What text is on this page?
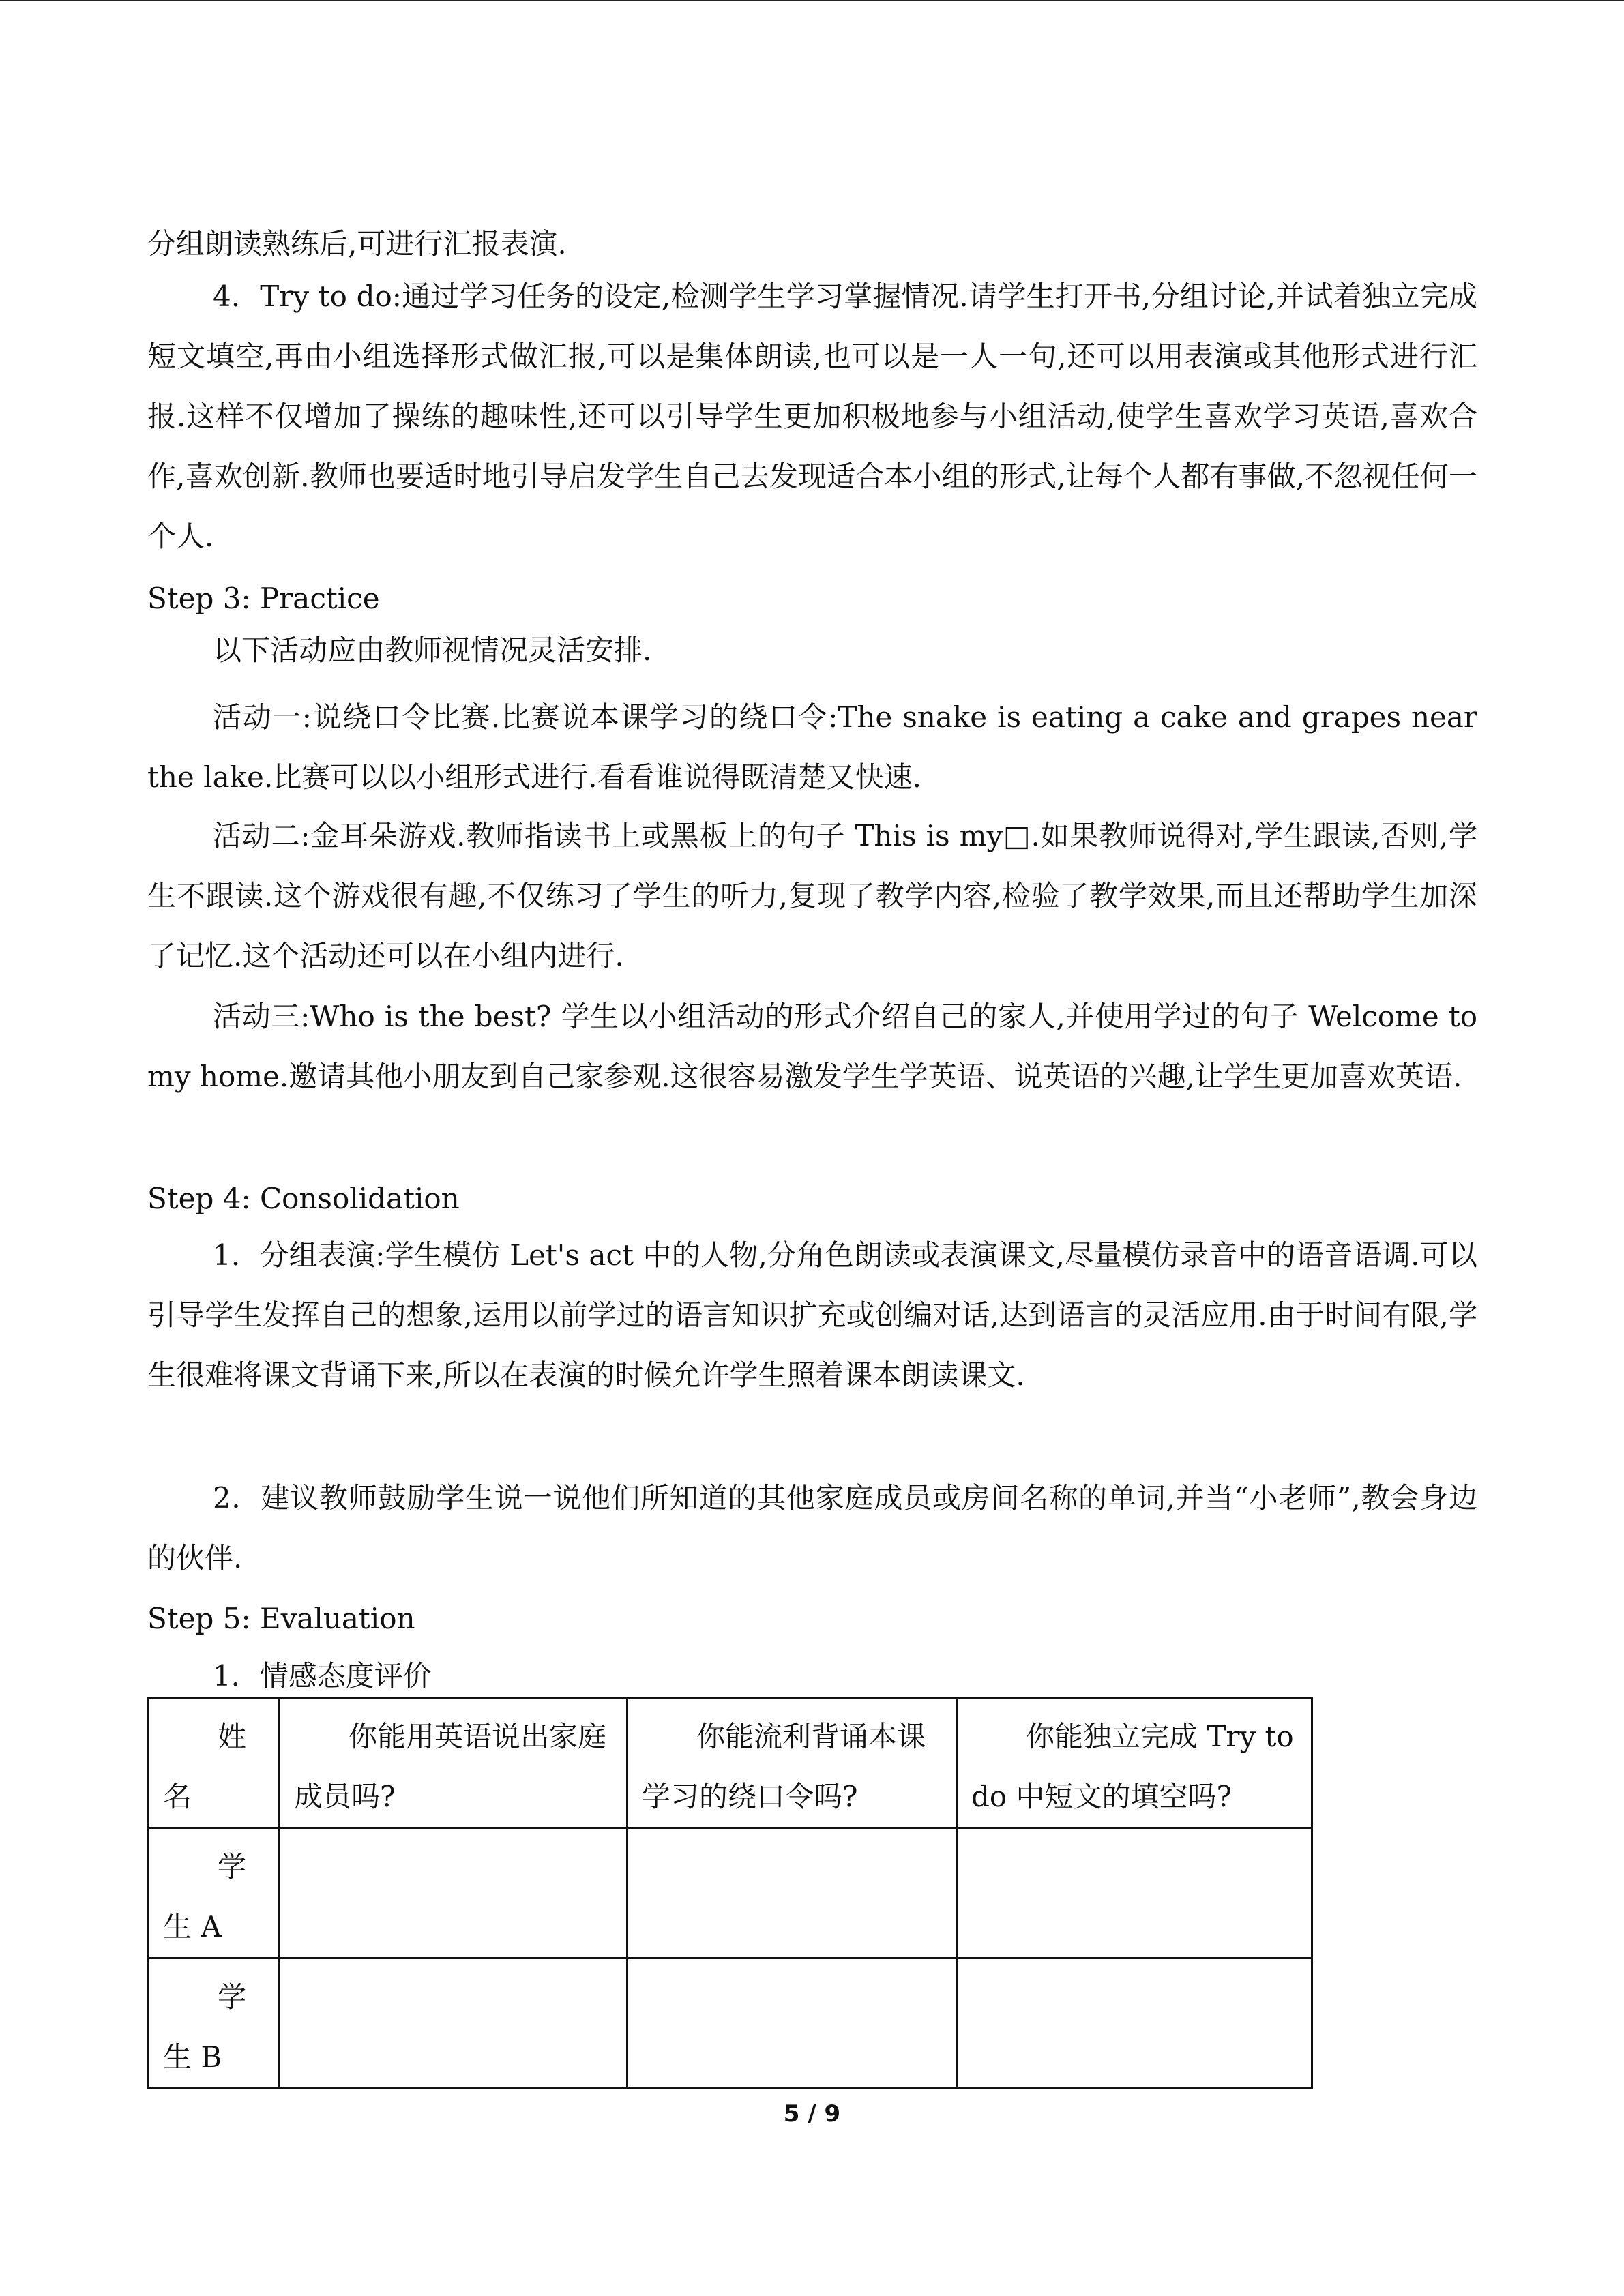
分组朗读熟练后,可进行汇报表演.

4．Try to do:通过学习任务的设定,检测学生学习掌握情况.请学生打开书,分组讨论,并试着独立完成短文填空,再由小组选择形式做汇报,可以是集体朗读,也可以是一人一句,还可以用表演或其他形式进行汇报.这样不仅增加了操练的趣味性,还可以引导学生更加积极地参与小组活动,使学生喜欢学习英语,喜欢合作,喜欢创新.教师也要适时地引导启发学生自己去发现适合本小组的形式,让每个人都有事做,不忽视任何一个人.

Step 3: Practice

以下活动应由教师视情况灵活安排.

活动一:说绕口令比赛.比赛说本课学习的绕口令:The snake is eating a cake and grapes near the lake.比赛可以以小组形式进行.看看谁说得既清楚又快速.

活动二:金耳朵游戏.教师指读书上或黑板上的句子 This is my□.如果教师说得对,学生跟读,否则,学生不跟读.这个游戏很有趣,不仅练习了学生的听力,复现了教学内容,检验了教学效果,而且还帮助学生加深了记忆.这个活动还可以在小组内进行.

活动三:Who is the best? 学生以小组活动的形式介绍自己的家人,并使用学过的句子 Welcome to my home.邀请其他小朋友到自己家参观.这很容易激发学生学英语、说英语的兴趣,让学生更加喜欢英语.

Step 4: Consolidation

1．分组表演:学生模仿 Let's act 中的人物,分角色朗读或表演课文,尽量模仿录音中的语音语调.可以引导学生发挥自己的想象,运用以前学过的语言知识扩充或创编对话,达到语言的灵活应用.由于时间有限,学生很难将课文背诵下来,所以在表演的时候允许学生照着课本朗读课文.

2．建议教师鼓励学生说一说他们所知道的其他家庭成员或房间名称的单词,并当“小老师”,教会身边的伙伴.

Step 5: Evaluation

1．情感态度评价

姓名	你能用英语说出家庭成员吗?	你能流利背诵本课学习的绕口令吗?	你能独立完成 Try to do 中短文的填空吗?
学生 A			
学生 B			
5 / 9
